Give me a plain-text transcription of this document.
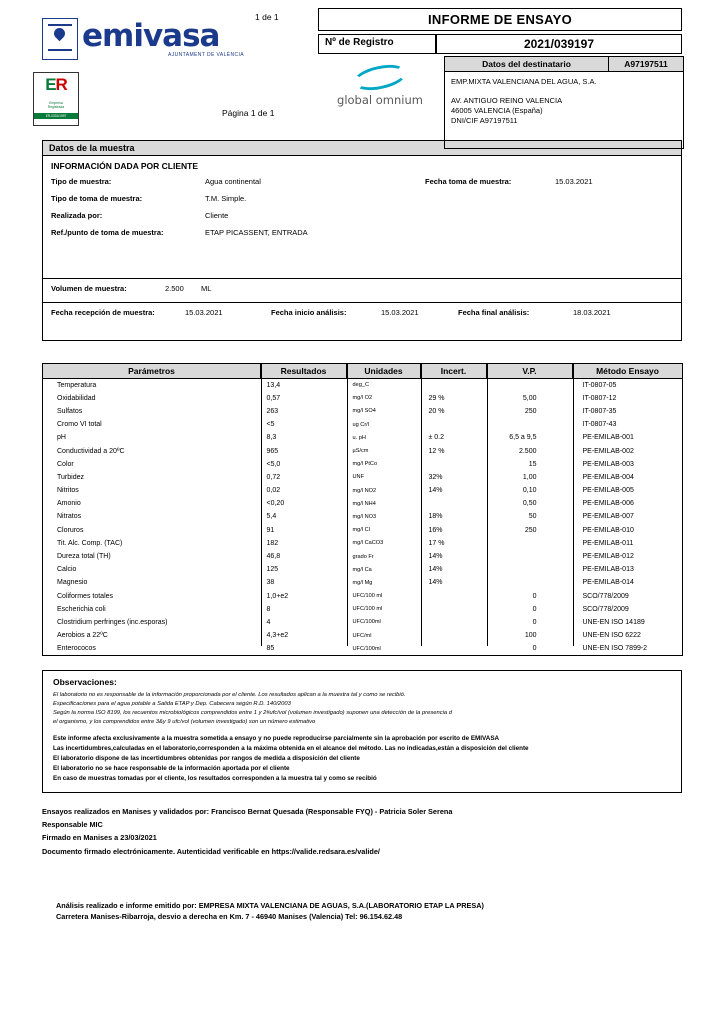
1 de 1
emivasa
AJUNTAMENT DE VALÈNCIA
ER
Empresa
Registrada
ER-0331/1997	Página 1 de 1
global omnium
INFORME DE ENSAYO
Nº de Registro	2021/039197
Datos del destinatario	A97197511
EMP.MIXTA VALENCIANA DEL AGUA, S.A.
AV. ANTIGUO REINO VALENCIA
46005 VALENCIA (España)
DNI/CIF A97197511
Datos de la muestra
INFORMACIÓN DADA POR CLIENTE
Tipo de muestra:	Agua continental	Fecha toma de muestra:	15.03.2021
Tipo de toma de muestra:	T.M. Simple.
Realizada por:	Cliente
Ref./punto de toma de muestra:	ETAP PICASSENT, ENTRADA
Volumen de muestra:	2.500 ML
Fecha recepción de muestra:	15.03.2021	Fecha inicio análisis:	15.03.2021	Fecha final análisis:	18.03.2021
Parámetros	Resultados	Unidades	Incert.	V.P.	Método Ensayo
Temperatura	13,4	deg_C			IT-0807-05
Oxidabilidad	0,57	mg/l O2	29 %	5,00	IT-0807-12
Sulfatos	263	mg/l SO4	20 %	250	IT-0807-35
Cromo VI total	<5	ug Cr/l			IT-0807-43
pH	8,3	u. pH	± 0.2	6,5 a 9,5	PE-EMILAB-001
Conductividad a 20ºC	965	µS/cm	12 %	2.500	PE-EMILAB-002
Color	<5,0	mg/l PtCo		15	PE-EMILAB-003
Turbidez	0,72	UNF	32%	1,00	PE-EMILAB-004
Nitritos	0,02	mg/l NO2	14%	0,10	PE-EMILAB-005
Amonio	<0,20	mg/l NH4		0,50	PE-EMILAB-006
Nitratos	5,4	mg/l NO3	18%	50	PE-EMILAB-007
Cloruros	91	mg/l Cl	16%	250	PE-EMILAB-010
Tit. Alc. Comp. (TAC)	182	mg/l CaCO3	17 %		PE-EMILAB-011
Dureza total (TH)	46,8	grado Fr	14%		PE-EMILAB-012
Calcio	125	mg/l Ca	14%		PE-EMILAB-013
Magnesio	38	mg/l Mg	14%		PE-EMILAB-014
Coliformes totales	1,0+e2	UFC/100 ml		0	SCO/778/2009
Escherichia coli	8	UFC/100 ml		0	SCO/778/2009
Clostridium perfringes (inc.esporas)	4	UFC/100ml		0	UNE-EN ISO 14189
Aerobios a 22ºC	4,3+e2	UFC/ml		100	UNE-EN ISO 6222
Enterococos	85	UFC/100ml		0	UNE-EN ISO 7899-2
Observaciones:
El laboratorio no es responsable de la información proporcionada por el cliente. Los resultados aplican a la muestra tal y como se recibió.
Especificaciones para el agua potable a Salida ETAP y Dep. Cabecera según R.D. 140/2003
Según la norma ISO 8199, los recuentos microbiológicos comprendidos entre 1 y 2#ufc/vol (volumen investigado) suponen una detección de la presencia d
el organismo, y los comprendidos entre 3&y 9 ufc/vol (volumen investigado) son un número estimativo
Este informe afecta exclusivamente a la muestra sometida a ensayo y no puede reproducirse parcialmente sin la aprobación por escrito de EMIVASA
Las incertidumbres,calculadas en el laboratorio,corresponden a la máxima obtenida en el alcance del método. Las no indicadas,están a disposición del cliente
El laboratorio dispone de las incertidumbres obtenidas por rangos de medida a disposición del cliente
El laboratorio no se hace responsable de la información aportada por el cliente
En caso de muestras tomadas por el cliente, los resultados corresponden a la muestra tal y como se recibió
Ensayos realizados en Manises y validados por: Francisco Bernat Quesada (Responsable FYQ) - Patricia Soler Serena
Responsable MIC
Firmado en Manises a 23/03/2021
Documento firmado electrónicamente. Autenticidad verificable en https://valide.redsara.es/valide/
Análisis realizado e informe emitido por: EMPRESA MIXTA VALENCIANA DE AGUAS, S.A.(LABORATORIO ETAP LA PRESA)
Carretera Manises-Ribarroja, desvio a derecha en Km. 7 - 46940 Manises (Valencia) Tel: 96.154.62.48
